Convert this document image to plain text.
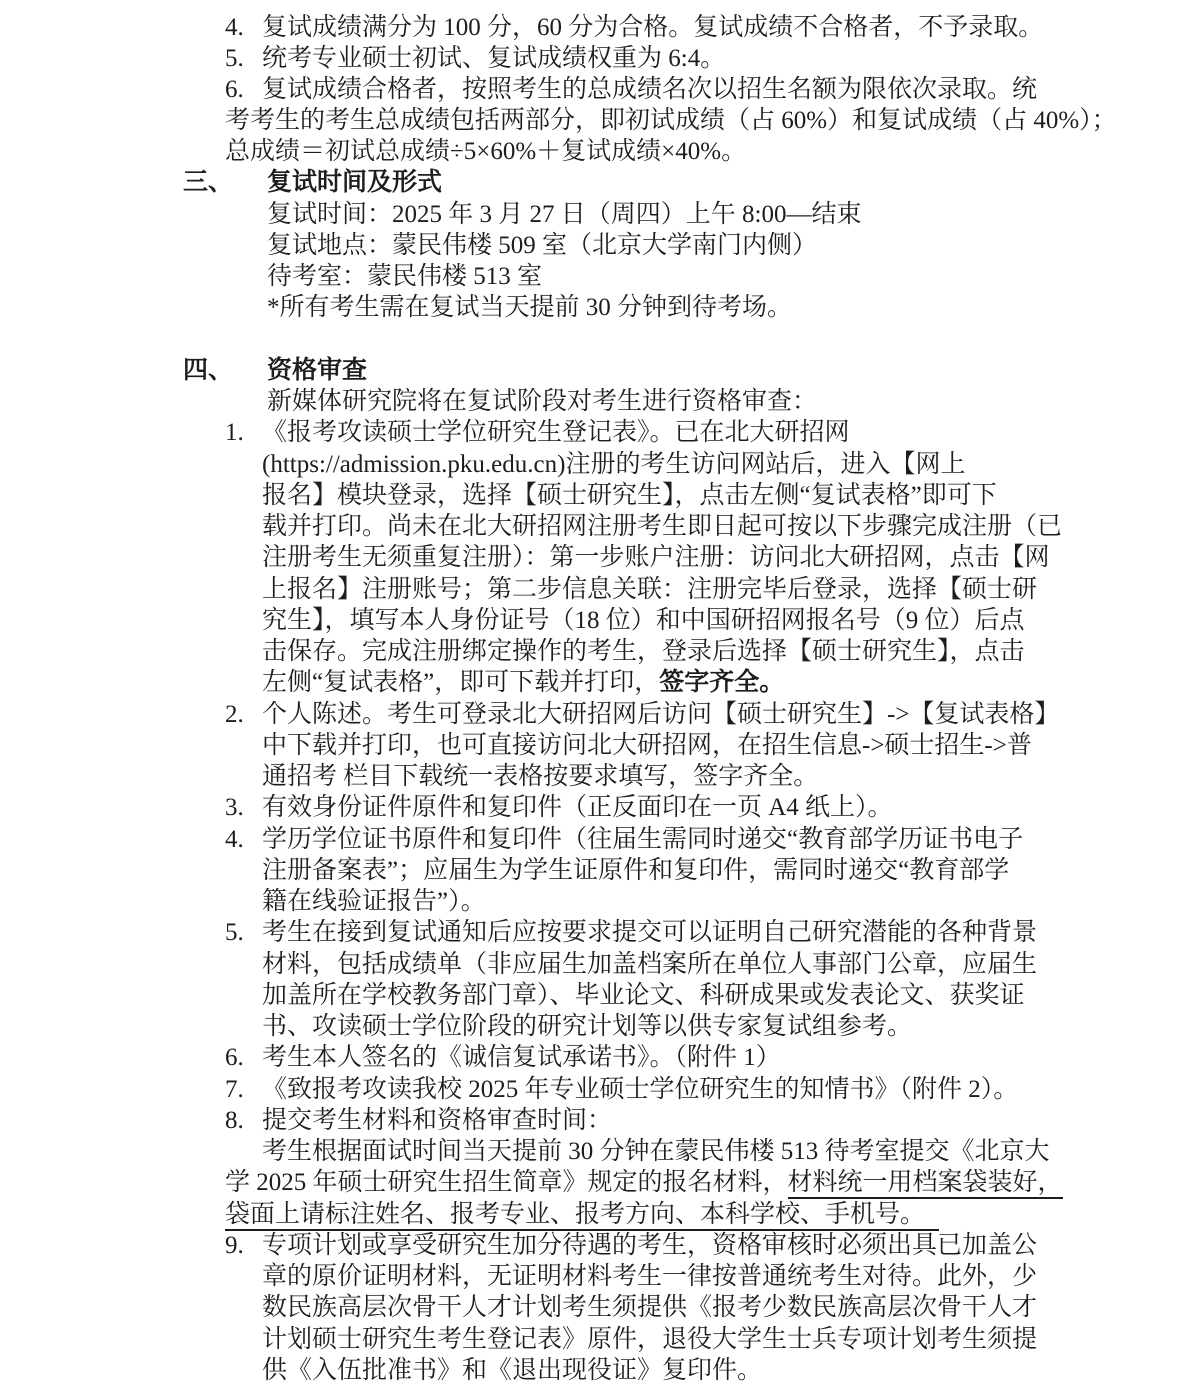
4. 复试成绩满分为 100 分，60 分为合格。复试成绩不合格者，不予录取。
5. 统考专业硕士初试、复试成绩权重为 6:4。
6. 复试成绩合格者，按照考生的总成绩名次以招生名额为限依次录取。统
考考生的考生总成绩包括两部分，即初试成绩（占 60%）和复试成绩（占 40%）；
总成绩＝初试总成绩÷5×60%＋复试成绩×40%。
三、 复试时间及形式
复试时间：2025 年 3 月 27 日（周四）上午 8:00—结束
复试地点：蒙民伟楼 509 室（北京大学南门内侧）
待考室：蒙民伟楼 513 室
*所有考生需在复试当天提前 30 分钟到待考场。
四、 资格审查
新媒体研究院将在复试阶段对考生进行资格审查：
1. 《报考攻读硕士学位研究生登记表》。已在北大研招网
(https://admission.pku.edu.cn)注册的考生访问网站后，进入【网上
报名】模块登录，选择【硕士研究生】，点击左侧“复试表格”即可下
载并打印。尚未在北大研招网注册考生即日起可按以下步骤完成注册（已
注册考生无须重复注册）：第一步账户注册：访问北大研招网，点击【网
上报名】注册账号；第二步信息关联：注册完毕后登录，选择【硕士研
究生】，填写本人身份证号（18 位）和中国研招网报名号（9 位）后点
击保存。完成注册绑定操作的考生，登录后选择【硕士研究生】，点击
左侧“复试表格”，即可下载并打印，签字齐全。
2. 个人陈述。考生可登录北大研招网后访问【硕士研究生】->【复试表格】
中下载并打印，也可直接访问北大研招网，在招生信息->硕士招生->普
通招考 栏目下载统一表格按要求填写，签字齐全。
3. 有效身份证件原件和复印件（正反面印在一页 A4 纸上）。
4. 学历学位证书原件和复印件（往届生需同时递交“教育部学历证书电子
注册备案表”；应届生为学生证原件和复印件，需同时递交“教育部学
籍在线验证报告”）。
5. 考生在接到复试通知后应按要求提交可以证明自己研究潜能的各种背景
材料，包括成绩单（非应届生加盖档案所在单位人事部门公章，应届生
加盖所在学校教务部门章）、毕业论文、科研成果或发表论文、获奖证
书、攻读硕士学位阶段的研究计划等以供专家复试组参考。
6. 考生本人签名的《诚信复试承诺书》。（附件 1）
7. 《致报考攻读我校 2025 年专业硕士学位研究生的知情书》（附件 2）。
8. 提交考生材料和资格审查时间：
考生根据面试时间当天提前 30 分钟在蒙民伟楼 513 待考室提交《北京大
学 2025 年硕士研究生招生简章》规定的报名材料，材料统一用档案袋装好，
袋面上请标注姓名、报考专业、报考方向、本科学校、手机号。
9. 专项计划或享受研究生加分待遇的考生，资格审核时必须出具已加盖公
章的原价证明材料，无证明材料考生一律按普通统考生对待。此外，少
数民族高层次骨干人才计划考生须提供《报考少数民族高层次骨干人才
计划硕士研究生考生登记表》原件，退役大学生士兵专项计划考生须提
供《入伍批准书》和《退出现役证》复印件。
